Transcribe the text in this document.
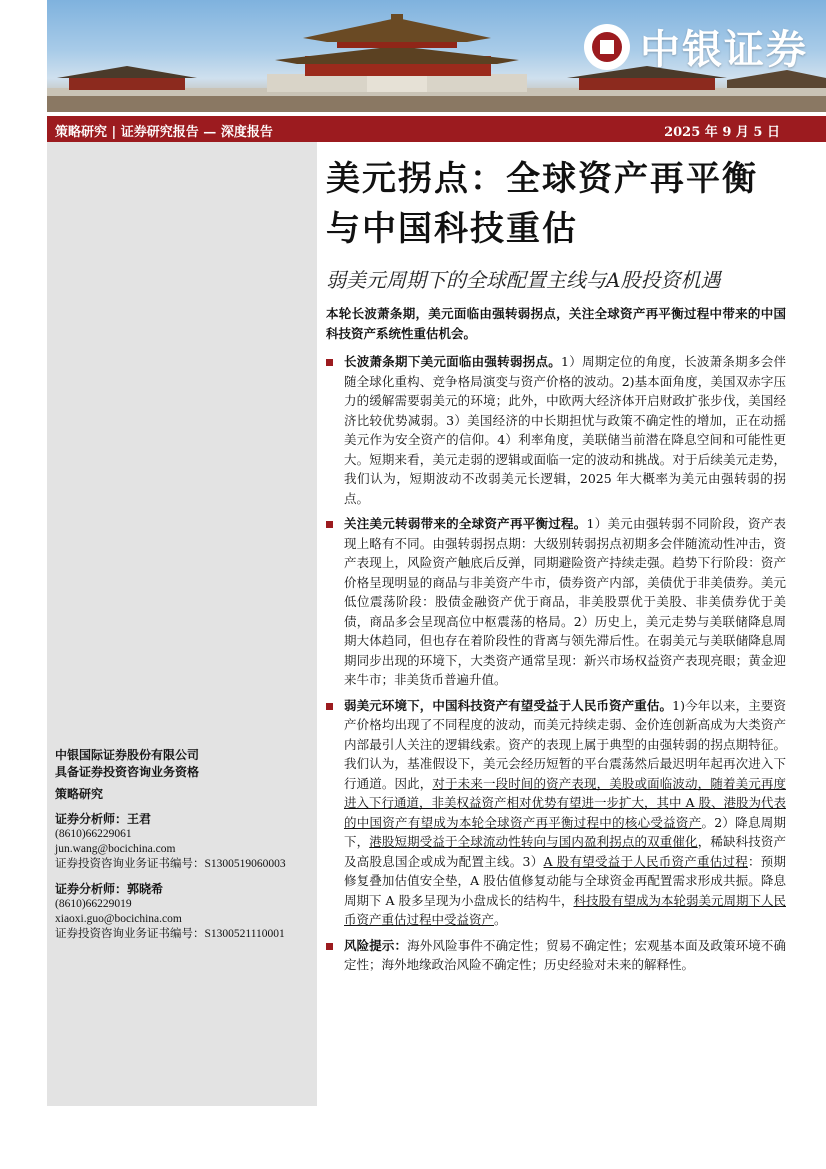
中银证券
策略研究 | 证券研究报告 — 深度报告	2025 年 9 月 5 日
中银国际证券股份有限公司
具备证券投资咨询业务资格
策略研究
证券分析师：王君
(8610)66229061
jun.wang@bocichina.com
证券投资咨询业务证书编号：S1300519060003
证券分析师：郭晓希
(8610)66229019
xiaoxi.guo@bocichina.com
证券投资咨询业务证书编号：S1300521110001
美元拐点：全球资产再平衡
与中国科技重估
弱美元周期下的全球配置主线与A股投资机遇
本轮长波萧条期，美元面临由强转弱拐点，关注全球资产再平衡过程中带来的中国科技资产系统性重估机会。
长波萧条期下美元面临由强转弱拐点。1）周期定位的角度，长波萧条期多会伴随全球化重构、竞争格局演变与资产价格的波动。2)基本面角度，美国双赤字压力的缓解需要弱美元的环境；此外，中欧两大经济体开启财政扩张步伐，美国经济比较优势减弱。3）美国经济的中长期担忧与政策不确定性的增加，正在动摇美元作为安全资产的信仰。4）利率角度，美联储当前潜在降息空间和可能性更大。短期来看，美元走弱的逻辑或面临一定的波动和挑战。对于后续美元走势，我们认为，短期波动不改弱美元长逻辑，2025 年大概率为美元由强转弱的拐点。
关注美元转弱带来的全球资产再平衡过程。1）美元由强转弱不同阶段，资产表现上略有不同。由强转弱拐点期：大级别转弱拐点初期多会伴随流动性冲击，资产表现上，风险资产触底后反弹，同期避险资产持续走强。趋势下行阶段：资产价格呈现明显的商品与非美资产牛市，债券资产内部，美债优于非美债券。美元低位震荡阶段：股债金融资产优于商品，非美股票优于美股、非美债券优于美债，商品多会呈现高位中枢震荡的格局。2）历史上，美元走势与美联储降息周期大体趋同，但也存在着阶段性的背离与领先滞后性。在弱美元与美联储降息周期同步出现的环境下，大类资产通常呈现：新兴市场权益资产表现亮眼；黄金迎来牛市；非美货币普遍升值。
弱美元环境下，中国科技资产有望受益于人民币资产重估。1)今年以来，主要资产价格均出现了不同程度的波动，而美元持续走弱、金价连创新高成为大类资产内部最引人关注的逻辑线索。资产的表现上属于典型的由强转弱的拐点期特征。我们认为，基准假设下，美元会经历短暂的平台震荡然后最迟明年起再次进入下行通道。因此，对于未来一段时间的资产表现，美股或面临波动，随着美元再度进入下行通道，非美权益资产相对优势有望进一步扩大，其中 A 股、港股为代表的中国资产有望成为本轮全球资产再平衡过程中的核心受益资产。2）降息周期下，港股短期受益于全球流动性转向与国内盈利拐点的双重催化，稀缺科技资产及高股息国企或成为配置主线。3）A 股有望受益于人民币资产重估过程：预期修复叠加估值安全垫，A 股估值修复动能与全球资金再配置需求形成共振。降息周期下 A 股多呈现为小盘成长的结构牛，科技股有望成为本轮弱美元周期下人民币资产重估过程中受益资产。
风险提示：海外风险事件不确定性；贸易不确定性；宏观基本面及政策环境不确定性；海外地缘政治风险不确定性；历史经验对未来的解释性。
